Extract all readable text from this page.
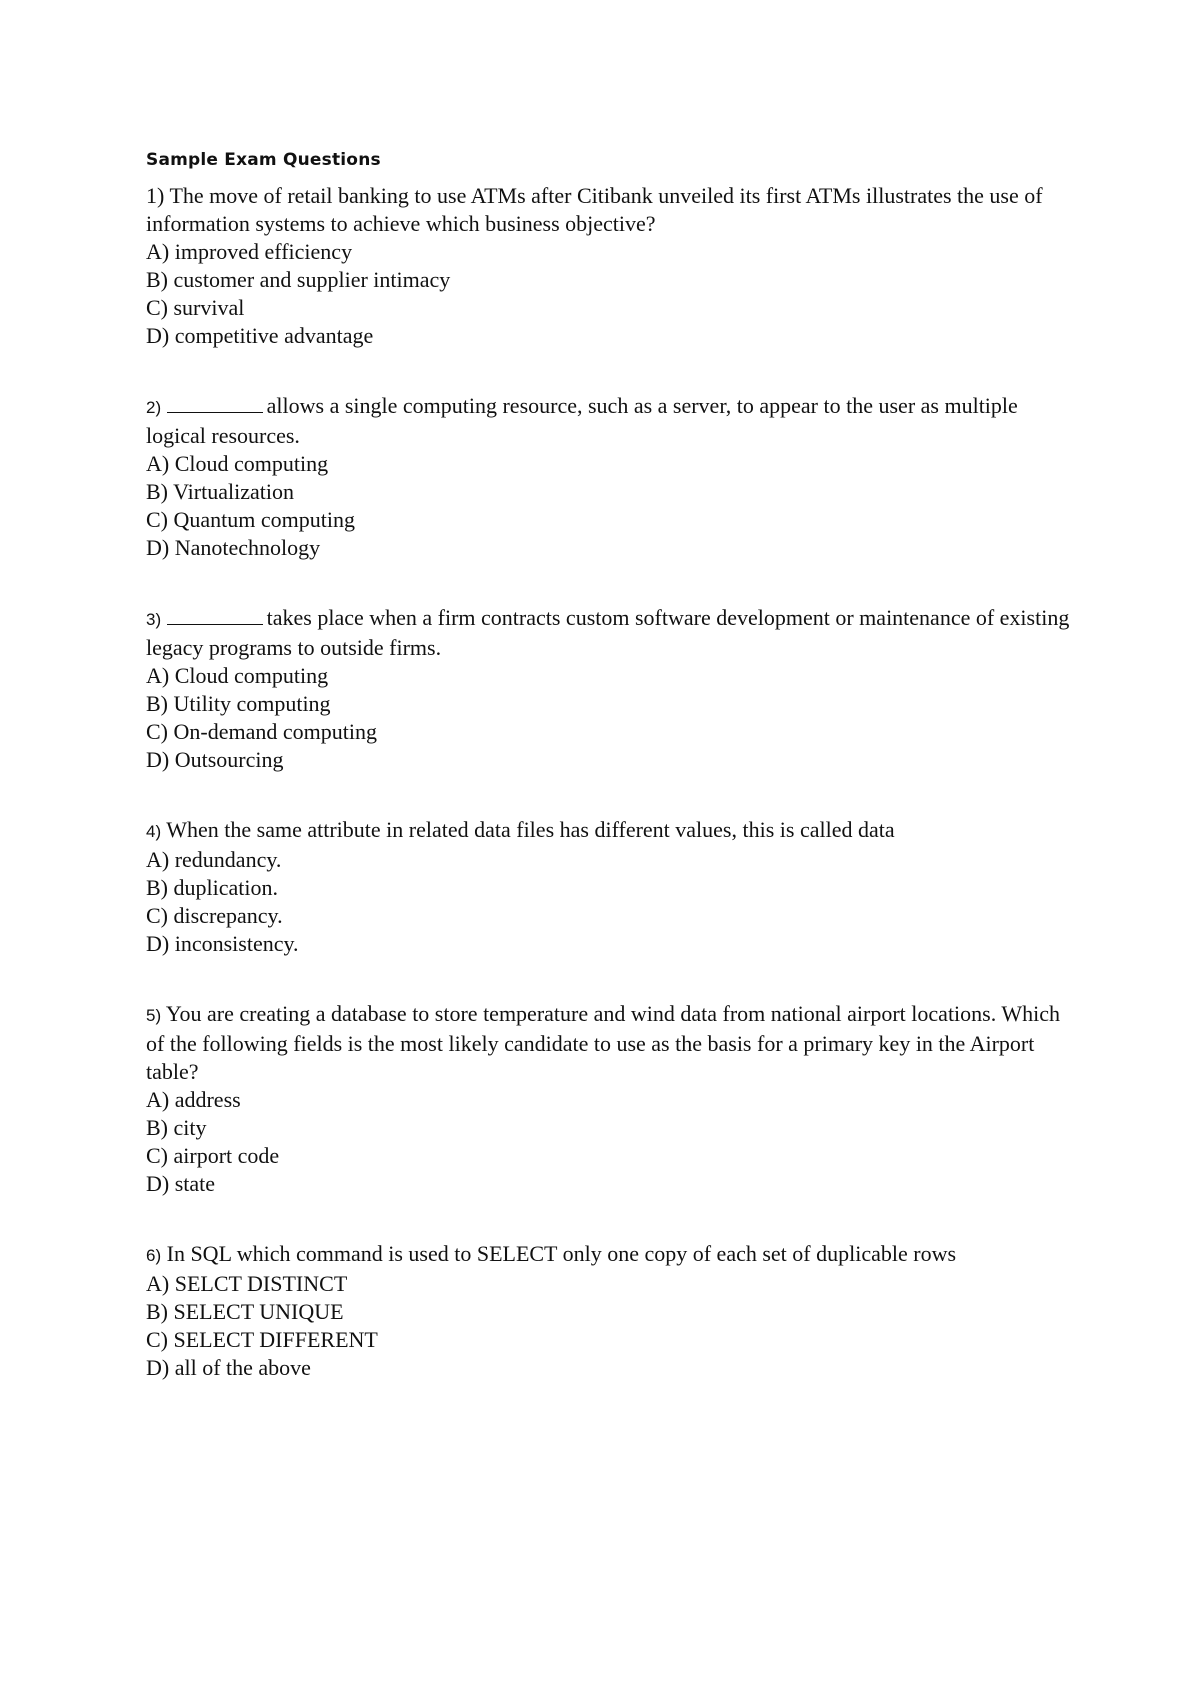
Sample Exam Questions

1) The move of retail banking to use ATMs after Citibank unveiled its first ATMs illustrates the use of information systems to achieve which business objective?

A) improved efficiency
B) customer and supplier intimacy
C) survival
D) competitive advantage

2)	allows a single computing resource, such as a server, to appear to the user as multiple logical resources.

A) Cloud computing
B) Virtualization
C) Quantum computing
D) Nanotechnology

3)	takes place when a firm contracts custom software development or maintenance of existing legacy programs to outside firms.

A) Cloud computing
B) Utility computing
C) On-demand computing
D) Outsourcing

4) When the same attribute in related data files has different values, this is called data

A) redundancy.
B) duplication.
C) discrepancy.
D) inconsistency.

5) You are creating a database to store temperature and wind data from national airport locations. Which of the following fields is the most likely candidate to use as the basis for a primary key in the Airport table?

A) address
B) city
C) airport code
D) state

6) In SQL which command is used to SELECT only one copy of each set of duplicable rows

A) SELCT DISTINCT
B) SELECT UNIQUE
C) SELECT DIFFERENT
D) all of the above
